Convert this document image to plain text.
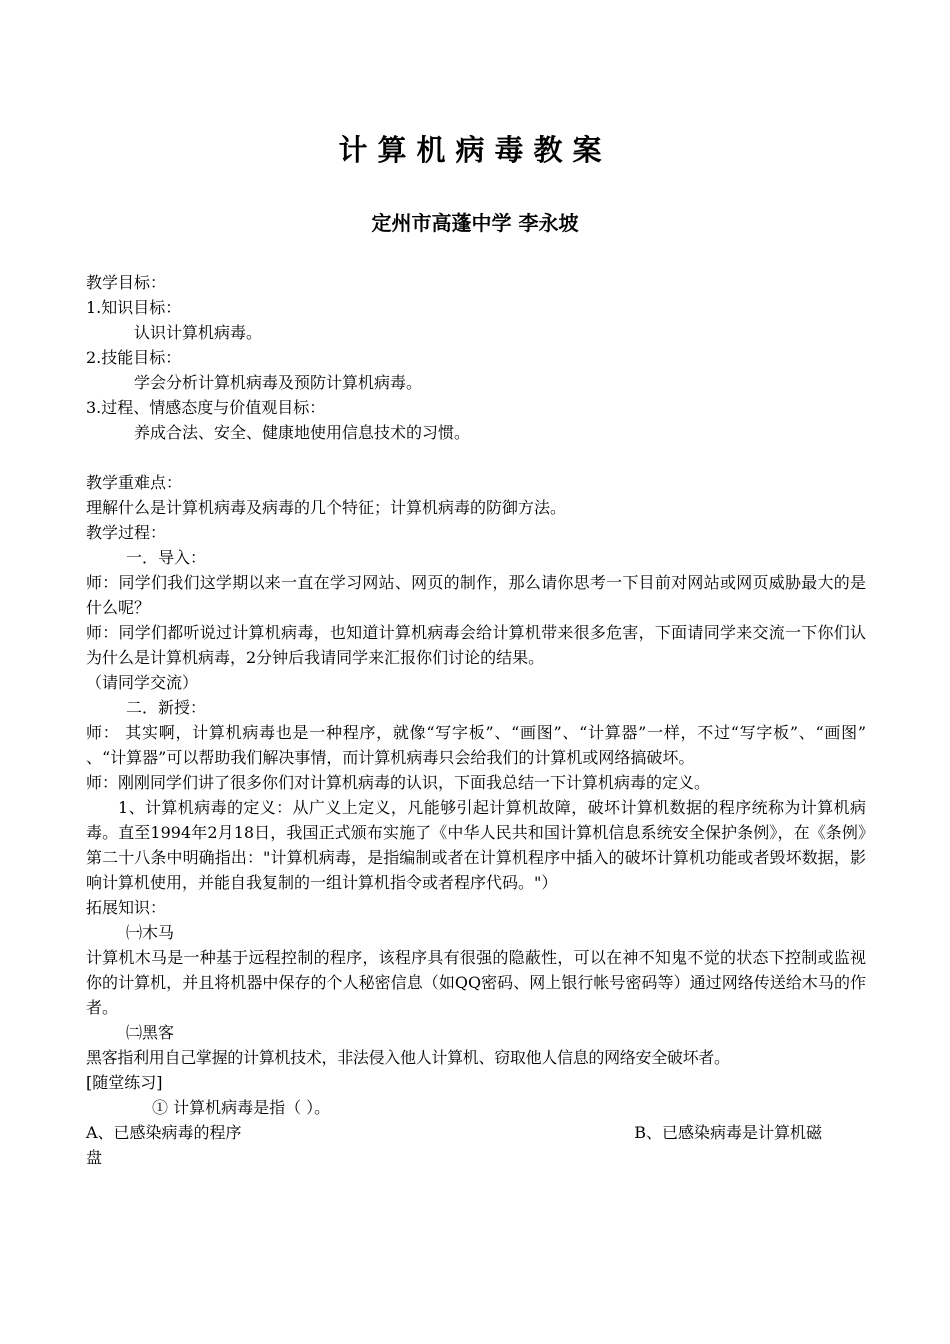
计算机病毒教案
定州市高蓬中学 李永坡

教学目标：

1.知识目标：

认识计算机病毒。

2.技能目标：

学会分析计算机病毒及预防计算机病毒。

3.过程、情感态度与价值观目标：

养成合法、安全、健康地使用信息技术的习惯。

教学重难点：

理解什么是计算机病毒及病毒的几个特征；计算机病毒的防御方法。

教学过程：

一．导入：

师：同学们我们这学期以来一直在学习网站、网页的制作，那么请你思考一下目前对网站或网页威胁最大的是什么呢？

师：同学们都听说过计算机病毒，也知道计算机病毒会给计算机带来很多危害，下面请同学来交流一下你们认为什么是计算机病毒，2分钟后我请同学来汇报你们讨论的结果。

（请同学交流）

二．新授：

师： 其实啊，计算机病毒也是一种程序，就像“写字板”、“画图”、“计算器”一样，不过“写字板”、“画图” 、“计算器”可以帮助我们解决事情，而计算机病毒只会给我们的计算机或网络搞破坏。

师：刚刚同学们讲了很多你们对计算机病毒的认识，下面我总结一下计算机病毒的定义。

1、计算机病毒的定义：从广义上定义，凡能够引起计算机故障，破坏计算机数据的程序统称为计算机病毒。直至1994年2月18日，我国正式颁布实施了《中华人民共和国计算机信息系统安全保护条例》，在《条例》第二十八条中明确指出："计算机病毒，是指编制或者在计算机程序中插入的破坏计算机功能或者毁坏数据，影响计算机使用，并能自我复制的一组计算机指令或者程序代码。"）

拓展知识：

㈠木马

计算机木马是一种基于远程控制的程序，该程序具有很强的隐蔽性，可以在神不知鬼不觉的状态下控制或监视你的计算机，并且将机器中保存的个人秘密信息（如QQ密码、网上银行帐号密码等）通过网络传送给木马的作者。

㈡黑客

黑客指利用自己掌握的计算机技术，非法侵入他人计算机、窃取他人信息的网络安全破坏者。

[随堂练习]

① 计算机病毒是指（ ）。

A、已感染病毒的程序	B、已感染病毒是计算机磁

盘
